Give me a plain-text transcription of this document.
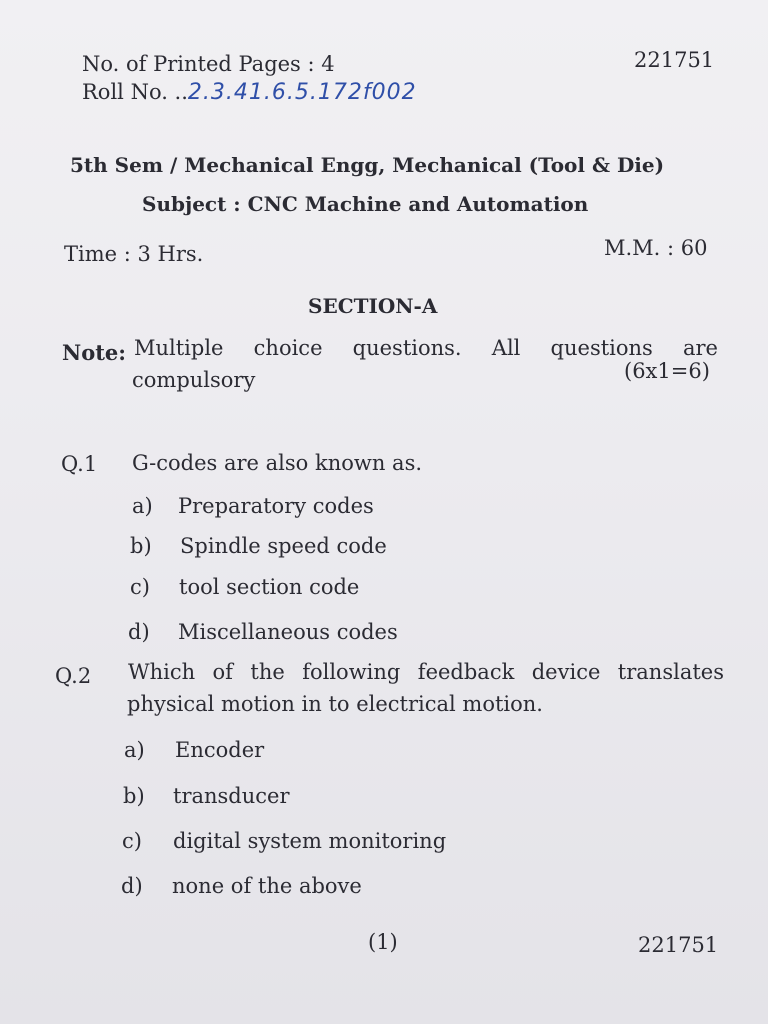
No. of Printed Pages : 4	221751
Roll No. ..2.3.41.6.5.172f002
5th Sem / Mechanical Engg, Mechanical (Tool & Die)
Subject : CNC Machine and Automation
Time : 3 Hrs.	M.M. : 60
SECTION-A
Note: Multiple choice questions. All questions are
compulsory	(6x1=6)
Q.1 G-codes are also known as.
a) Preparatory codes
b) Spindle speed code
c) tool section code
d) Miscellaneous codes
Q.2 Which of the following feedback device translates
physical motion in to electrical motion.
a) Encoder
b) transducer
c) digital system monitoring
d) none of the above
(1)	221751
